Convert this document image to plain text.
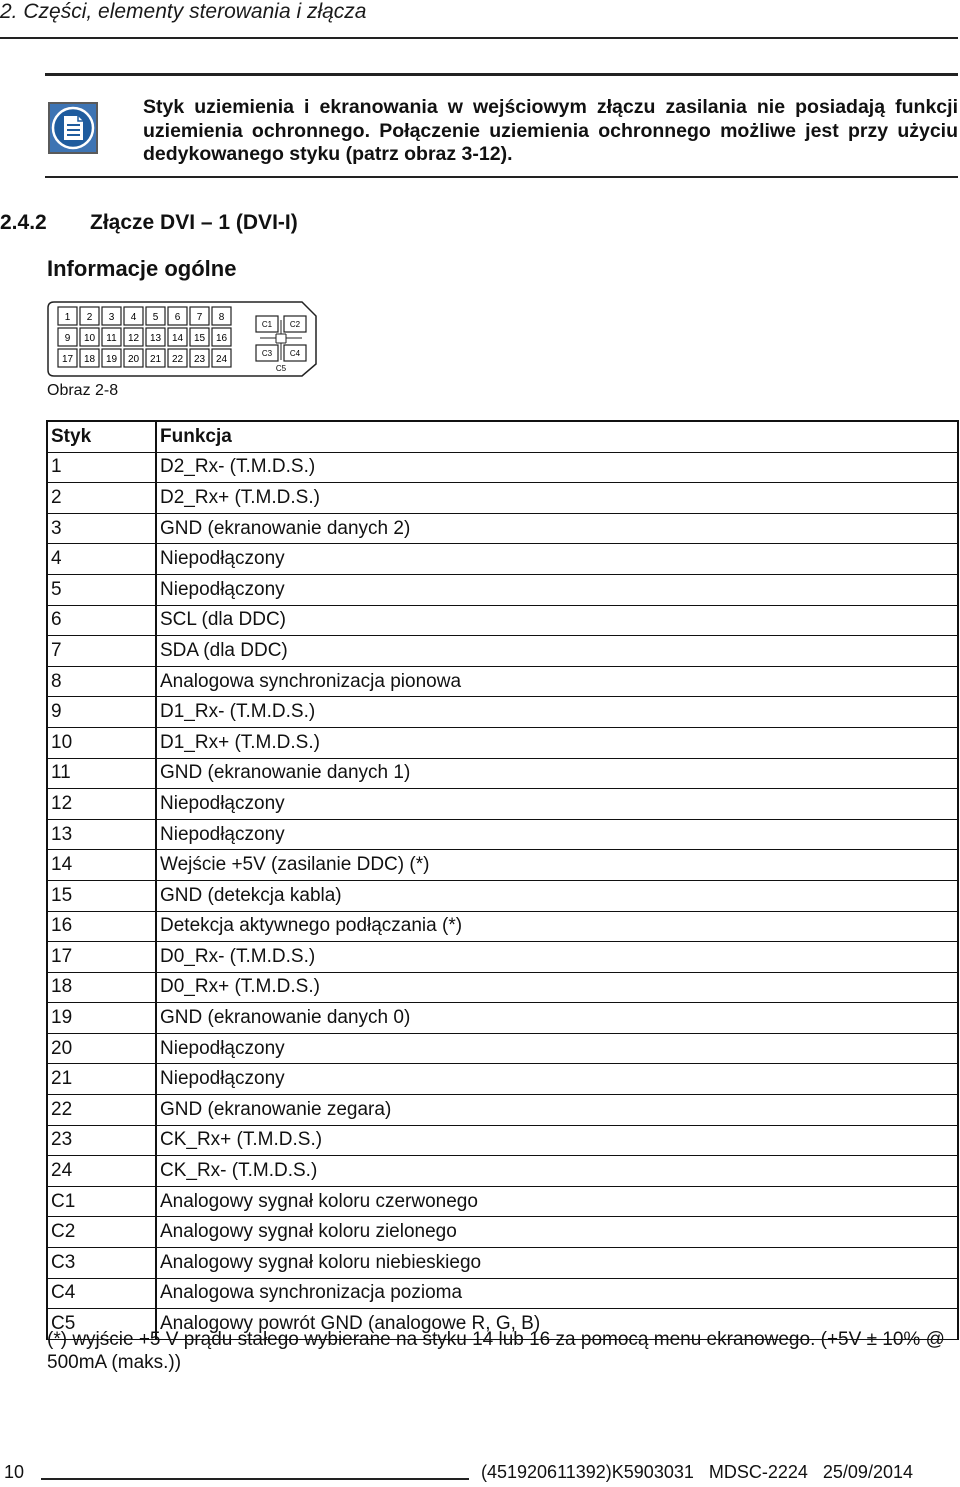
2. Części, elementy sterowania i złącza
Styk uziemienia i ekranowania w wejściowym złączu zasilania nie posiadają funkcji uziemienia ochronnego. Połączenie uziemienia ochronnego możliwe jest przy użyciu dedykowanego styku (patrz obraz 3-12).
2.4.2 Złącze DVI – 1 (DVI-I)
Informacje ogólne
1 2 3 4 5 6 7 8
9 10 11 12 13 14 15 16
17 18 19 20 21 22 23 24
C1 C2
C3 C4
C5
Obraz 2-8
Styk	Funkcja
1	D2_Rx- (T.M.D.S.)
2	D2_Rx+ (T.M.D.S.)
3	GND (ekranowanie danych 2)
4	Niepodłączony
5	Niepodłączony
6	SCL (dla DDC)
7	SDA (dla DDC)
8	Analogowa synchronizacja pionowa
9	D1_Rx- (T.M.D.S.)
10	D1_Rx+ (T.M.D.S.)
11	GND (ekranowanie danych 1)
12	Niepodłączony
13	Niepodłączony
14	Wejście +5V (zasilanie DDC) (*)
15	GND (detekcja kabla)
16	Detekcja aktywnego podłączania (*)
17	D0_Rx- (T.M.D.S.)
18	D0_Rx+ (T.M.D.S.)
19	GND (ekranowanie danych 0)
20	Niepodłączony
21	Niepodłączony
22	GND (ekranowanie zegara)
23	CK_Rx+ (T.M.D.S.)
24	CK_Rx- (T.M.D.S.)
C1	Analogowy sygnał koloru czerwonego
C2	Analogowy sygnał koloru zielonego
C3	Analogowy sygnał koloru niebieskiego
C4	Analogowa synchronizacja pozioma
C5	Analogowy powrót GND (analogowe R, G, B)
(*) wyjście +5 V prądu stałego wybierane na styku 14 lub 16 za pomocą menu ekranowego. (+5V ± 10% @ 500mA (maks.))
10	(451920611392)K5903031   MDSC-2224   25/09/2014
